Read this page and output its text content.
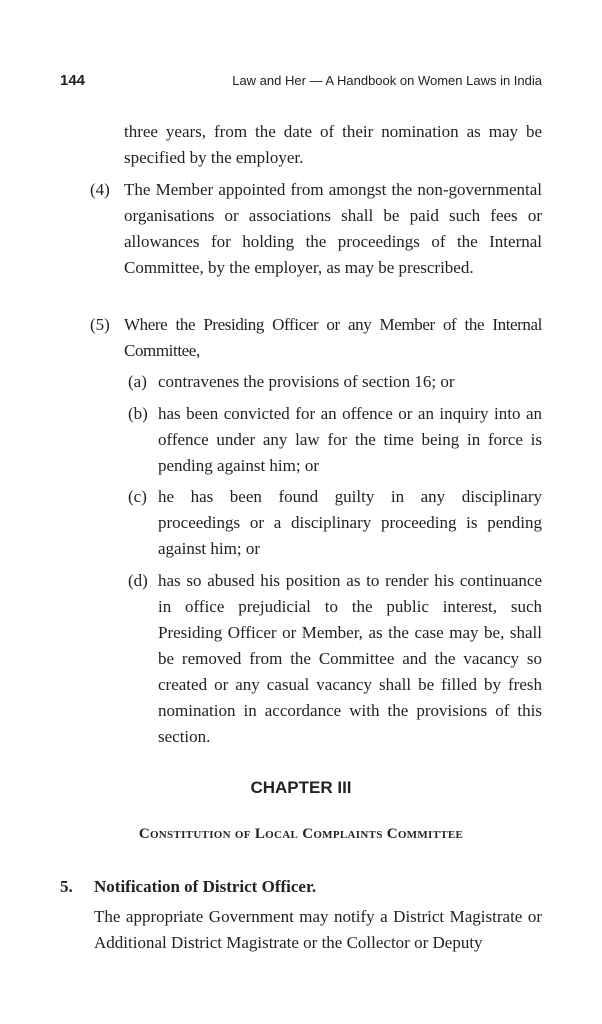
144	Law and Her — A Handbook on Women Laws in India
three years, from the date of their nomination as may be specified by the employer.
(4) The Member appointed from amongst the non-governmental organisations or associations shall be paid such fees or allowances for holding the proceedings of the Internal Committee, by the employer, as may be prescribed.
(5) Where the Presiding Officer or any Member of the Internal Committee,
(a) contravenes the provisions of section 16; or
(b) has been convicted for an offence or an inquiry into an offence under any law for the time being in force is pending against him; or
(c) he has been found guilty in any disciplinary proceedings or a disciplinary proceeding is pending against him; or
(d) has so abused his position as to render his continuance in office prejudicial to the public interest, such Presiding Officer or Member, as the case may be, shall be removed from the Committee and the vacancy so created or any casual vacancy shall be filled by fresh nomination in accordance with the provisions of this section.
CHAPTER III
Constitution of Local Complaints Committee
5. Notification of District Officer.
The appropriate Government may notify a District Magistrate or Additional District Magistrate or the Collector or Deputy
